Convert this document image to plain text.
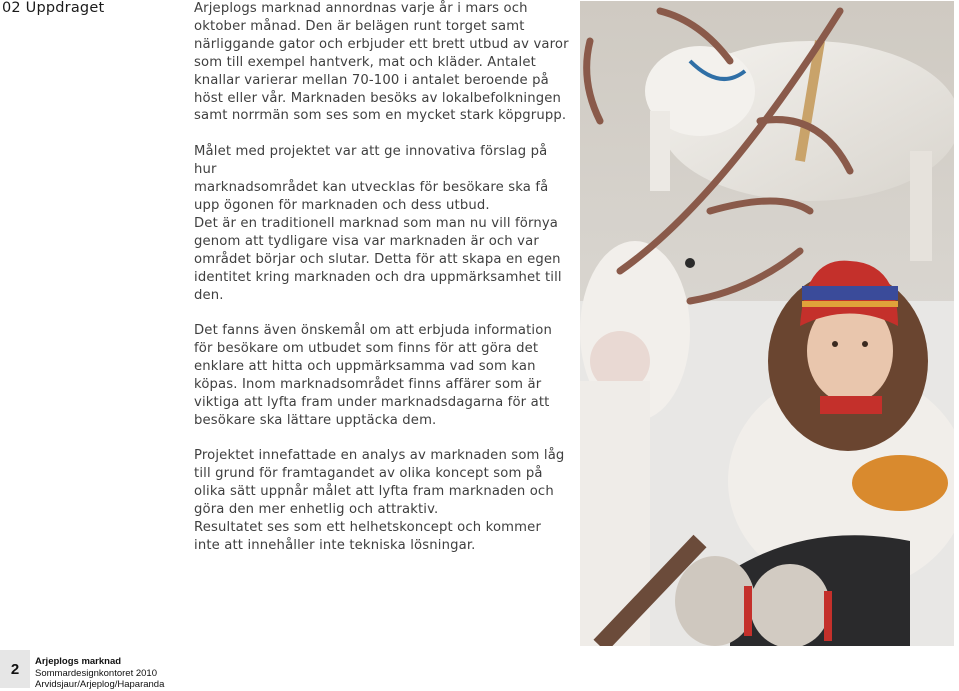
02 Uppdraget	Arjeplogs marknad annordnas varje år i mars och
oktober månad. Den är belägen runt torget samt
närliggande gator och erbjuder ett brett utbud av varor
som till exempel hantverk, mat och kläder. Antalet
knallar varierar mellan 70-100 i antalet beroende på
höst eller vår. Marknaden besöks av lokalbefolkningen
samt norrmän som ses som en mycket stark köpgrupp.

Målet med projektet var att ge innovativa förslag på hur
marknadsområdet kan utvecklas för besökare ska få
upp ögonen för marknaden och dess utbud.

Det är en traditionell marknad som man nu vill förnya
genom att tydligare visa var marknaden är och var
området börjar och slutar. Detta för att skapa en egen
identitet kring marknaden och dra uppmärksamhet till
den.

Det fanns även önskemål om att erbjuda information
för besökare om utbudet som finns för att göra det
enklare att hitta och uppmärksamma vad som kan
köpas. Inom marknadsområdet finns affärer som är
viktiga att lyfta fram under marknadsdagarna för att
besökare ska lättare upptäcka dem.

Projektet innefattade en analys av marknaden som låg
till grund för framtagandet av olika koncept som på
olika sätt uppnår målet att lyfta fram marknaden och
göra den mer enhetlig och attraktiv.
Resultatet ses som ett helhetskoncept och kommer
inte att innehåller inte tekniska lösningar.

2	Arjeplogs marknad
Sommardesignkontoret 2010
Arvidsjaur/Arjeplog/Haparanda
